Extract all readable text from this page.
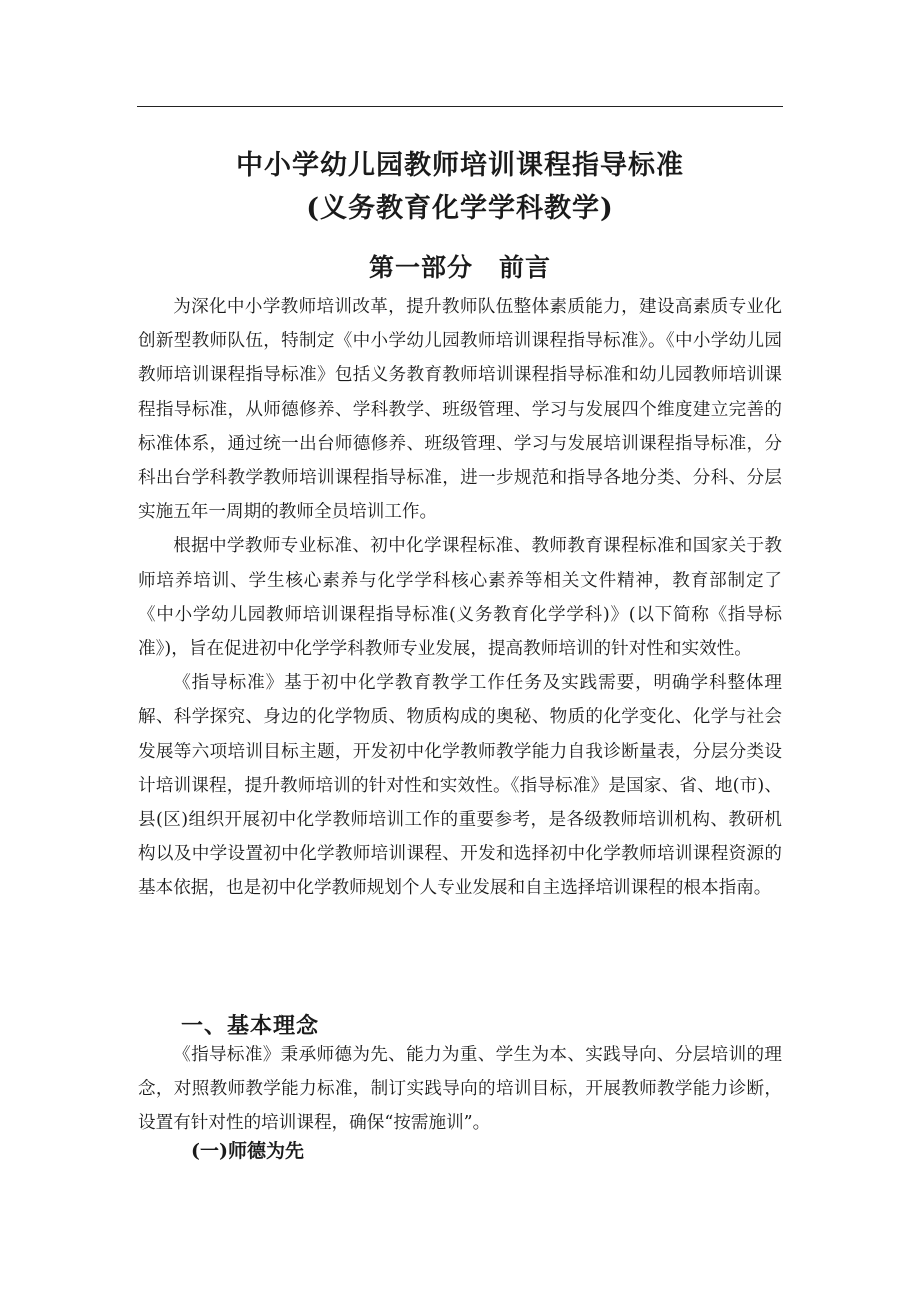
中小学幼儿园教师培训课程指导标准
(义务教育化学学科教学)
第一部分　前言

为深化中小学教师培训改革，提升教师队伍整体素质能力，建设高素质专业化创新型教师队伍，特制定《中小学幼儿园教师培训课程指导标准》。《中小学幼儿园教师培训课程指导标准》包括义务教育教师培训课程指导标准和幼儿园教师培训课程指导标准，从师德修养、学科教学、班级管理、学习与发展四个维度建立完善的标准体系，通过统一出台师德修养、班级管理、学习与发展培训课程指导标准，分科出台学科教学教师培训课程指导标准，进一步规范和指导各地分类、分科、分层实施五年一周期的教师全员培训工作。

根据中学教师专业标准、初中化学课程标准、教师教育课程标准和国家关于教师培养培训、学生核心素养与化学学科核心素养等相关文件精神，教育部制定了《中小学幼儿园教师培训课程指导标准(义务教育化学学科)》(以下简称《指导标准》)，旨在促进初中化学学科教师专业发展，提高教师培训的针对性和实效性。

《指导标准》基于初中化学教育教学工作任务及实践需要，明确学科整体理解、科学探究、身边的化学物质、物质构成的奥秘、物质的化学变化、化学与社会发展等六项培训目标主题，开发初中化学教师教学能力自我诊断量表，分层分类设计培训课程，提升教师培训的针对性和实效性。《指导标准》是国家、省、地(市)、县(区)组织开展初中化学教师培训工作的重要参考，是各级教师培训机构、教研机构以及中学设置初中化学教师培训课程、开发和选择初中化学教师培训课程资源的基本依据，也是初中化学教师规划个人专业发展和自主选择培训课程的根本指南。

一、基本理念

《指导标准》秉承师德为先、能力为重、学生为本、实践导向、分层培训的理念，对照教师教学能力标准，制订实践导向的培训目标，开展教师教学能力诊断，设置有针对性的培训课程，确保“按需施训”。

(一)师德为先
